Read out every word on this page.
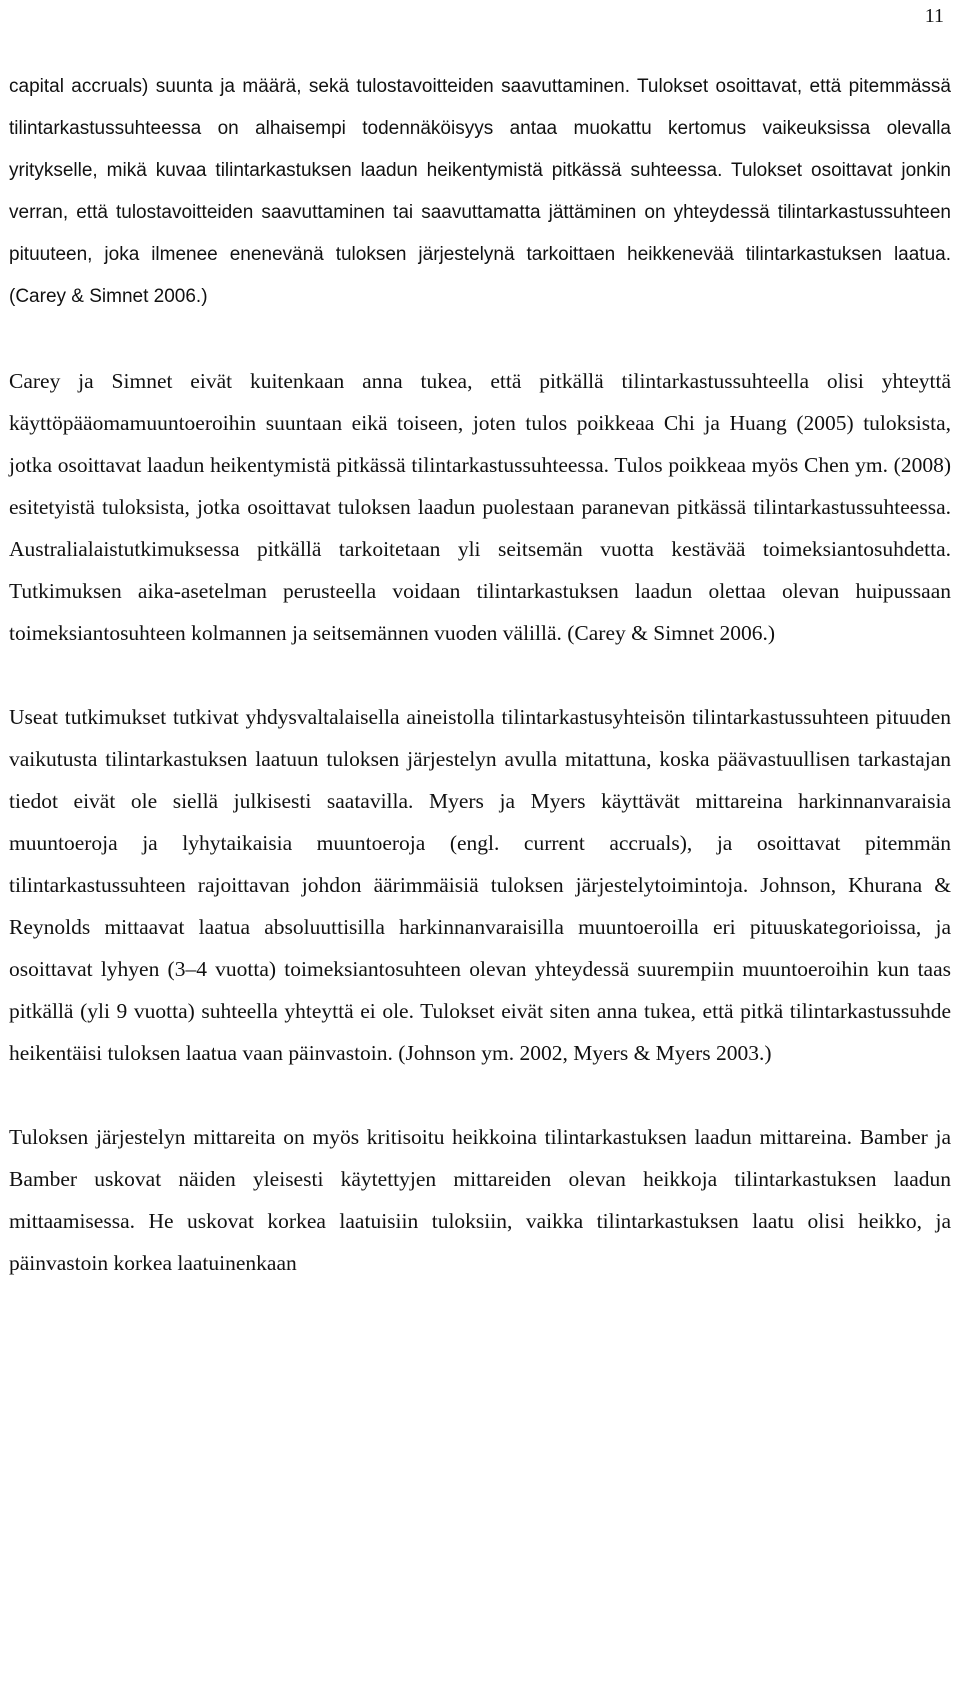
11

capital accruals) suunta ja määrä, sekä tulostavoitteiden saavuttaminen. Tulokset osoittavat, että pitemmässä tilintarkastussuhteessa on alhaisempi todennäköisyys antaa muokattu kertomus vaikeuksissa olevalla yritykselle, mikä kuvaa tilintarkastuksen laadun heikentymistä pitkässä suhteessa. Tulokset osoittavat jonkin verran, että tulostavoitteiden saavuttaminen tai saavuttamatta jättäminen on yhteydessä tilintarkastussuhteen pituuteen, joka ilmenee enenevänä tuloksen järjestelynä tarkoittaen heikkenevää tilintarkastuksen laatua. (Carey & Simnet 2006.)

Carey ja Simnet eivät kuitenkaan anna tukea, että pitkällä tilintarkastussuhteella olisi yhteyttä käyttöpääomamuuntoeroihin suuntaan eikä toiseen, joten tulos poikkeaa Chi ja Huang (2005) tuloksista, jotka osoittavat laadun heikentymistä pitkässä tilintarkastussuhteessa. Tulos poikkeaa myös Chen ym. (2008) esitetyistä tuloksista, jotka osoittavat tuloksen laadun puolestaan paranevan pitkässä tilintarkastussuhteessa. Australialaistutkimuksessa pitkällä tarkoitetaan yli seitsemän vuotta kestävää toimeksiantosuhdetta. Tutkimuksen aika-asetelman perusteella voidaan tilintarkastuksen laadun olettaa olevan huipussaan toimeksiantosuhteen kolmannen ja seitsemännen vuoden välillä. (Carey & Simnet 2006.)

Useat tutkimukset tutkivat yhdysvaltalaisella aineistolla tilintarkastusyhteisön tilintarkastussuhteen pituuden vaikutusta tilintarkastuksen laatuun tuloksen järjestelyn avulla mitattuna, koska päävastuullisen tarkastajan tiedot eivät ole siellä julkisesti saatavilla. Myers ja Myers käyttävät mittareina harkinnanvaraisia muuntoeroja ja lyhytaikaisia muuntoeroja (engl. current accruals), ja osoittavat pitemmän tilintarkastussuhteen rajoittavan johdon äärimmäisiä tuloksen järjestelytoimintoja. Johnson, Khurana & Reynolds mittaavat laatua absoluuttisilla harkinnanvaraisilla muuntoeroilla eri pituuskategorioissa, ja osoittavat lyhyen (3–4 vuotta) toimeksiantosuhteen olevan yhteydessä suurempiin muuntoeroihin kun taas pitkällä (yli 9 vuotta) suhteella yhteyttä ei ole. Tulokset eivät siten anna tukea, että pitkä tilintarkastussuhde heikentäisi tuloksen laatua vaan päinvastoin. (Johnson ym. 2002, Myers & Myers 2003.)

Tuloksen järjestelyn mittareita on myös kritisoitu heikkoina tilintarkastuksen laadun mittareina. Bamber ja Bamber uskovat näiden yleisesti käytettyjen mittareiden olevan heikkoja tilintarkastuksen laadun mittaamisessa. He uskovat korkea laatuisiin tuloksiin, vaikka tilintarkastuksen laatu olisi heikko, ja päinvastoin korkea laatuinenkaan
